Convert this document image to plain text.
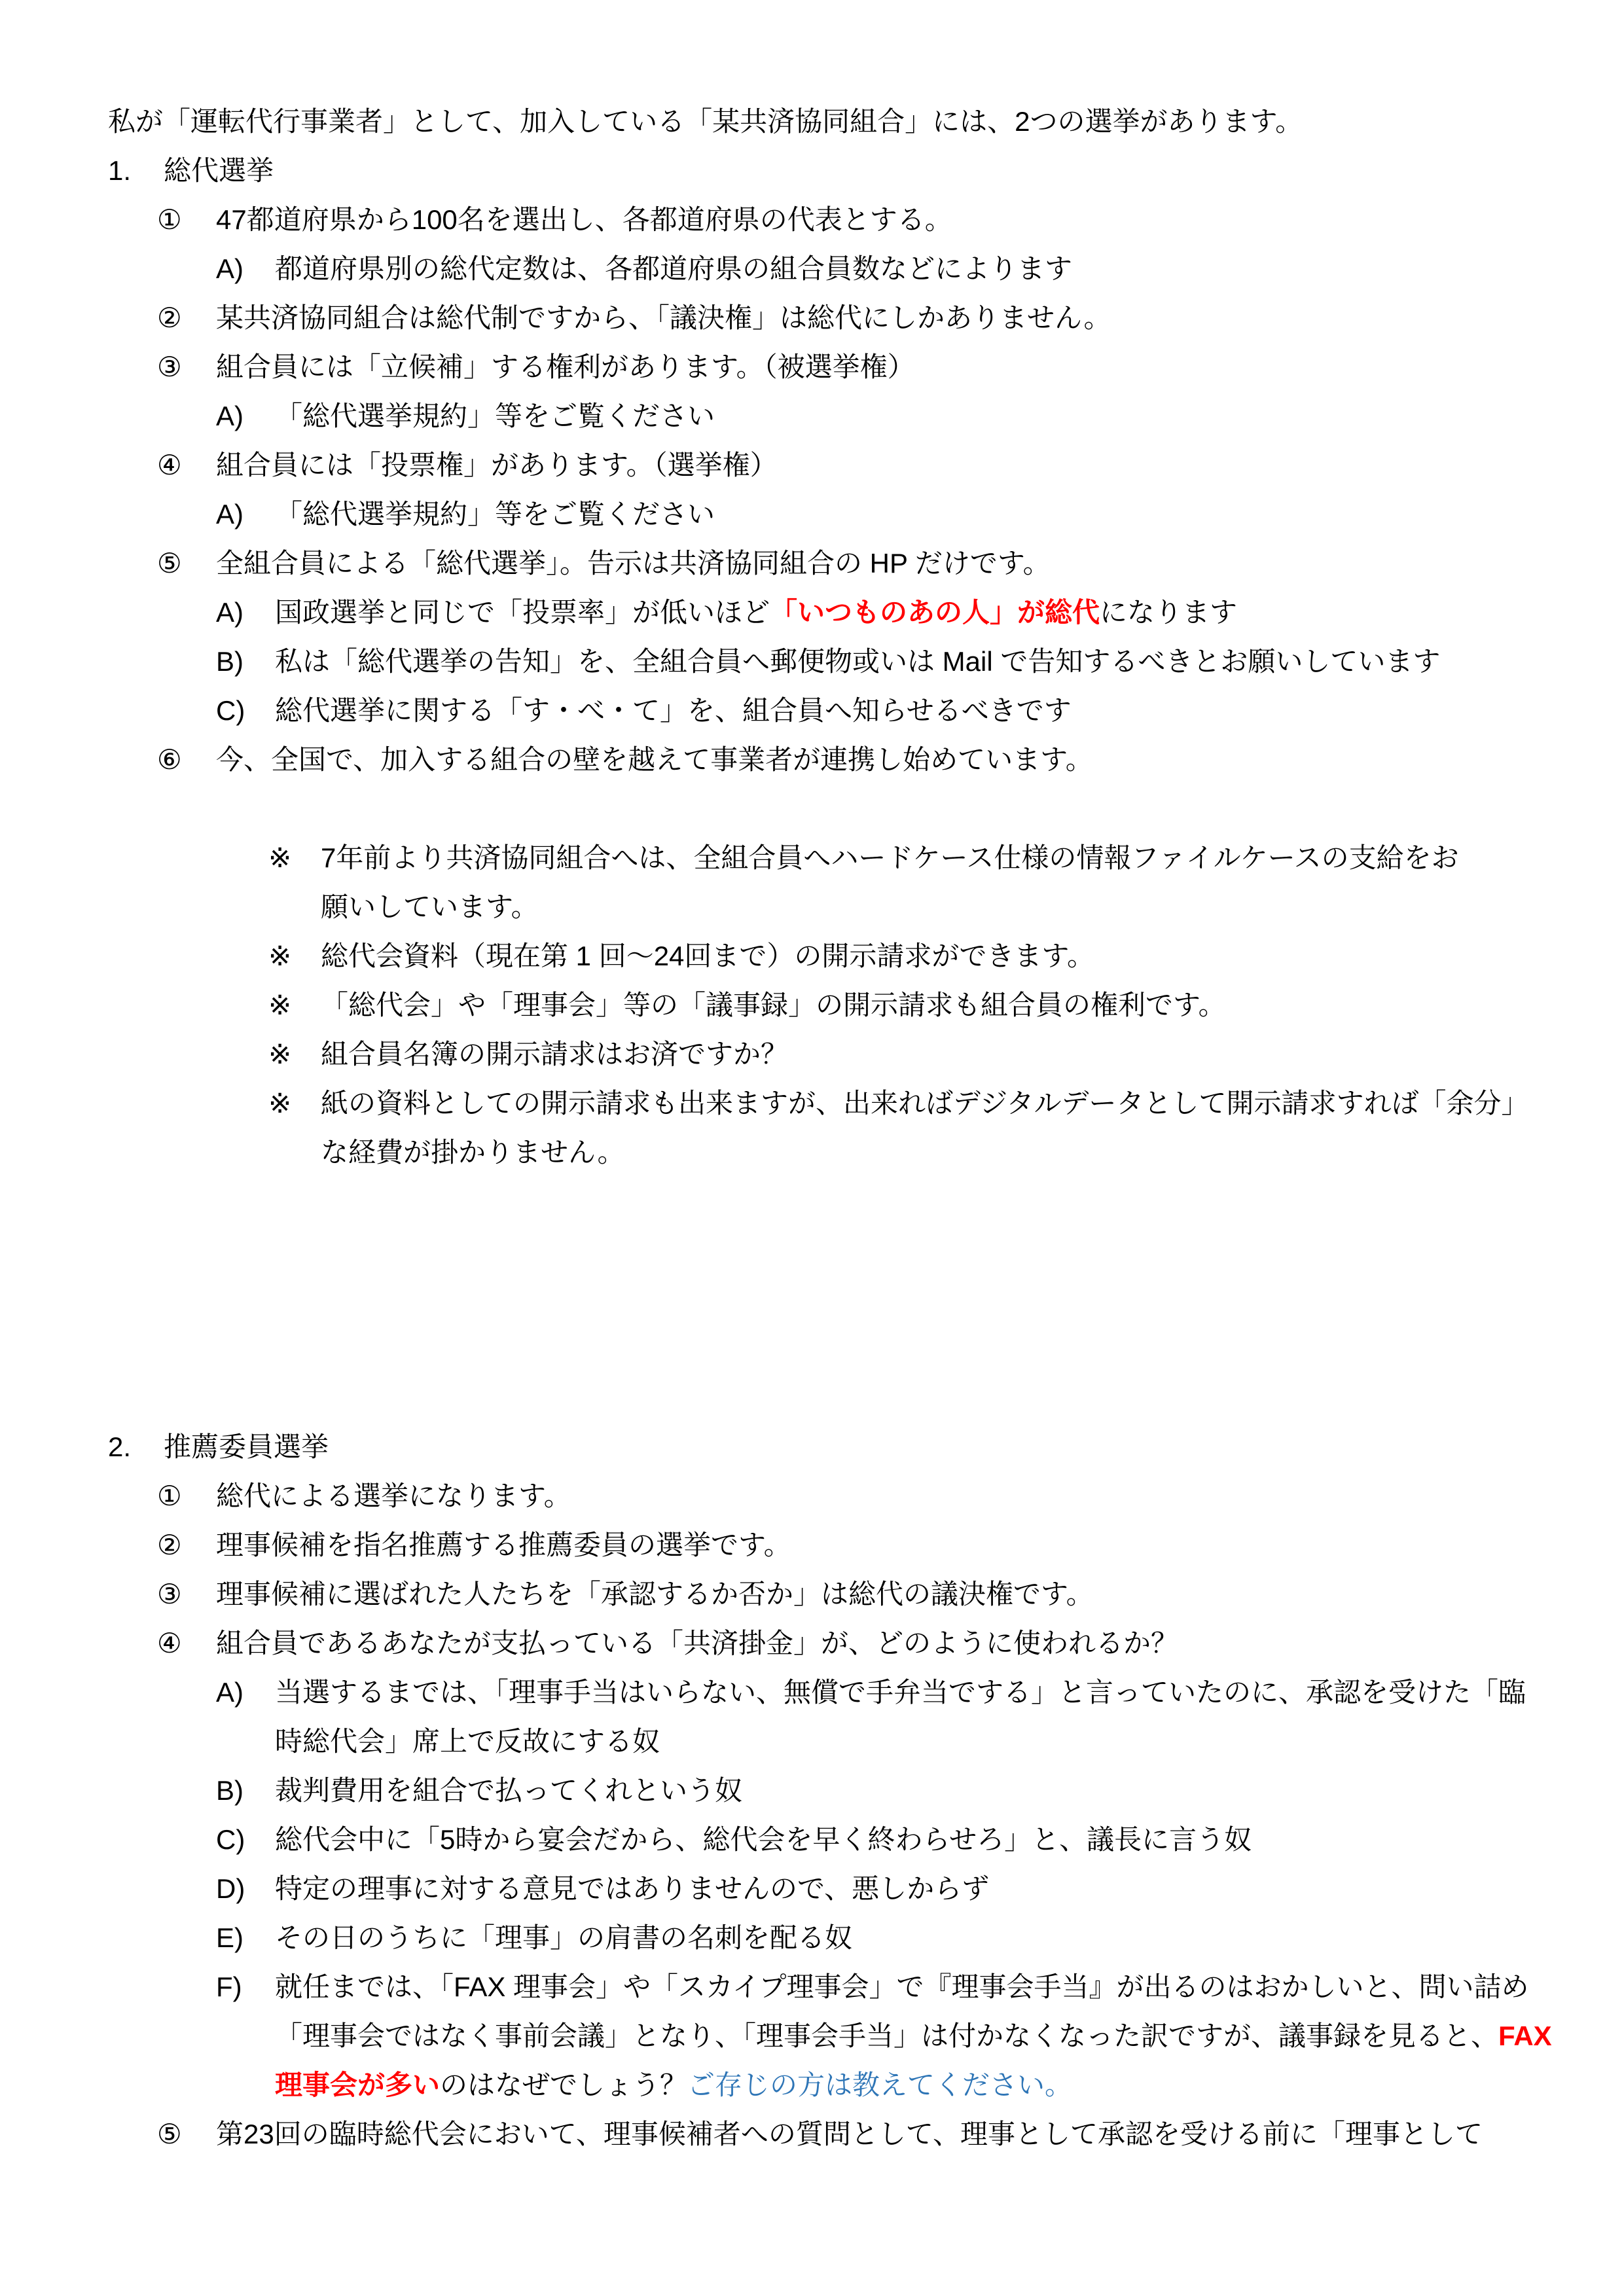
私が「運転代行事業者」として、加入している「某共済協同組合」には、2つの選挙があります。
1.	総代選挙
①	47都道府県から100名を選出し、各都道府県の代表とする。
A)	都道府県別の総代定数は、各都道府県の組合員数などによります
②	某共済協同組合は総代制ですから、「議決権」は総代にしかありません。
③	組合員には「立候補」する権利があります。（被選挙権）
A)	「総代選挙規約」等をご覧ください
④	組合員には「投票権」があります。（選挙権）
A)	「総代選挙規約」等をご覧ください
⑤	全組合員による「総代選挙」。告示は共済協同組合の HP だけです。
A)	国政選挙と同じで「投票率」が低いほど「いつものあの人」が総代になります
B)	私は「総代選挙の告知」を、全組合員へ郵便物或いは Mail で告知するべきとお願いしています
C)	総代選挙に関する「す・べ・て」を、組合員へ知らせるべきです
⑥	今、全国で、加入する組合の壁を越えて事業者が連携し始めています。
※	7年前より共済協同組合へは、全組合員へハードケース仕様の情報ファイルケースの支給をお
願いしています。
※	総代会資料（現在第 1 回～24回まで）の開示請求ができます。
※	「総代会」や「理事会」等の「議事録」の開示請求も組合員の権利です。
※	組合員名簿の開示請求はお済ですか？
※	紙の資料としての開示請求も出来ますが、出来ればデジタルデータとして開示請求すれば「余分」
な経費が掛かりません。
2.	推薦委員選挙
①	総代による選挙になります。
②	理事候補を指名推薦する推薦委員の選挙です。
③	理事候補に選ばれた人たちを「承認するか否か」は総代の議決権です。
④	組合員であるあなたが支払っている「共済掛金」が、どのように使われるか？
A)	当選するまでは、「理事手当はいらない、無償で手弁当でする」と言っていたのに、承認を受けた「臨
時総代会」席上で反故にする奴
B)	裁判費用を組合で払ってくれという奴
C)	総代会中に「5時から宴会だから、総代会を早く終わらせろ」と、議長に言う奴
D)	特定の理事に対する意見ではありませんので、悪しからず
E)	その日のうちに「理事」の肩書の名刺を配る奴
F)	就任までは、「FAX 理事会」や「スカイプ理事会」で『理事会手当』が出るのはおかしいと、問い詰め
「理事会ではなく事前会議」となり、「理事会手当」は付かなくなった訳ですが、議事録を見ると、FAX
理事会が多いのはなぜでしょう？ご存じの方は教えてください。
⑤	第23回の臨時総代会において、理事候補者への質問として、理事として承認を受ける前に「理事として
